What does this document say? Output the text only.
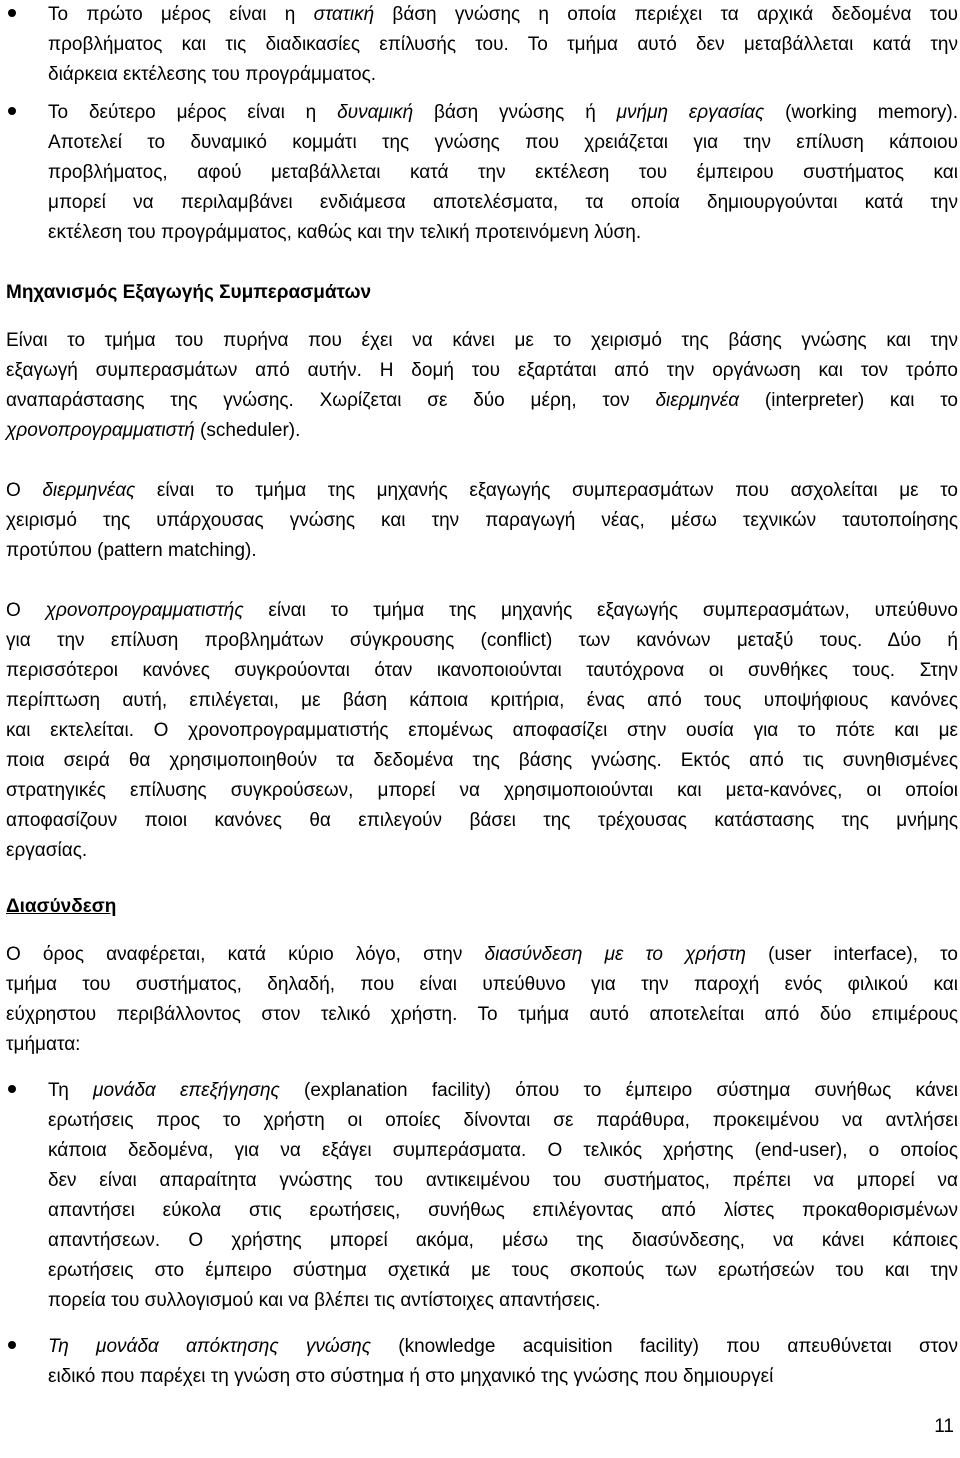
Το πρώτο μέρος είναι η στατική βάση γνώσης η οποία περιέχει τα αρχικά δεδομένα του
προβλήματος και τις διαδικασίες επίλυσής του. Το τμήμα αυτό δεν μεταβάλλεται κατά την
διάρκεια εκτέλεσης του προγράμματος.
Το δεύτερο μέρος είναι η δυναμική βάση γνώσης ή μνήμη εργασίας (working memory).
Αποτελεί το δυναμικό κομμάτι της γνώσης που χρειάζεται για την επίλυση κάποιου
προβλήματος, αφού μεταβάλλεται κατά την εκτέλεση του έμπειρου συστήματος και
μπορεί να περιλαμβάνει ενδιάμεσα αποτελέσματα, τα οποία δημιουργούνται κατά την
εκτέλεση του προγράμματος, καθώς και την τελική προτεινόμενη λύση.
Μηχανισμός Εξαγωγής Συμπερασμάτων
Είναι το τμήμα του πυρήνα που έχει να κάνει με το χειρισμό της βάσης γνώσης και την
εξαγωγή συμπερασμάτων από αυτήν. Η δομή του εξαρτάται από την οργάνωση και τον τρόπο
αναπαράστασης της γνώσης. Χωρίζεται σε δύο μέρη, τον διερμηνέα (interpreter) και το
χρονοπρογραμματιστή (scheduler).
Ο διερμηνέας είναι το τμήμα της μηχανής εξαγωγής συμπερασμάτων που ασχολείται με το
χειρισμό της υπάρχουσας γνώσης και την παραγωγή νέας, μέσω τεχνικών ταυτοποίησης
προτύπου (pattern matching).
Ο χρονοπρογραμματιστής είναι το τμήμα της μηχανής εξαγωγής συμπερασμάτων, υπεύθυνο
για την επίλυση προβλημάτων σύγκρουσης (conflict) των κανόνων μεταξύ τους. Δύο ή
περισσότεροι κανόνες συγκρούονται όταν ικανοποιούνται ταυτόχρονα οι συνθήκες τους. Στην
περίπτωση αυτή, επιλέγεται, με βάση κάποια κριτήρια, ένας από τους υποψήφιους κανόνες
και εκτελείται. Ο χρονοπρογραμματιστής επομένως αποφασίζει στην ουσία για το πότε και με
ποια σειρά θα χρησιμοποιηθούν τα δεδομένα της βάσης γνώσης. Εκτός από τις συνηθισμένες
στρατηγικές επίλυσης συγκρούσεων, μπορεί να χρησιμοποιούνται και μετα-κανόνες, οι οποίοι
αποφασίζουν ποιοι κανόνες θα επιλεγούν βάσει της τρέχουσας κατάστασης της μνήμης
εργασίας.
Διασύνδεση
Ο όρος αναφέρεται, κατά κύριο λόγο, στην διασύνδεση με το χρήστη (user interface), το
τμήμα του συστήματος, δηλαδή, που είναι υπεύθυνο για την παροχή ενός φιλικού και
εύχρηστου περιβάλλοντος στον τελικό χρήστη. Το τμήμα αυτό αποτελείται από δύο επιμέρους
τμήματα:
Τη μονάδα επεξήγησης (explanation facility) όπου το έμπειρο σύστημα συνήθως κάνει
ερωτήσεις προς το χρήστη οι οποίες δίνονται σε παράθυρα, προκειμένου να αντλήσει
κάποια δεδομένα, για να εξάγει συμπεράσματα. Ο τελικός χρήστης (end-user), ο οποίος
δεν είναι απαραίτητα γνώστης του αντικειμένου του συστήματος, πρέπει να μπορεί να
απαντήσει εύκολα στις ερωτήσεις, συνήθως επιλέγοντας από λίστες προκαθορισμένων
απαντήσεων. Ο χρήστης μπορεί ακόμα, μέσω της διασύνδεσης, να κάνει κάποιες
ερωτήσεις στο έμπειρο σύστημα σχετικά με τους σκοπούς των ερωτήσεών του και την
πορεία του συλλογισμού και να βλέπει τις αντίστοιχες απαντήσεις.
Τη μονάδα απόκτησης γνώσης (knowledge acquisition facility) που απευθύνεται στον
ειδικό που παρέχει τη γνώση στο σύστημα ή στο μηχανικό της γνώσης που δημιουργεί
11
